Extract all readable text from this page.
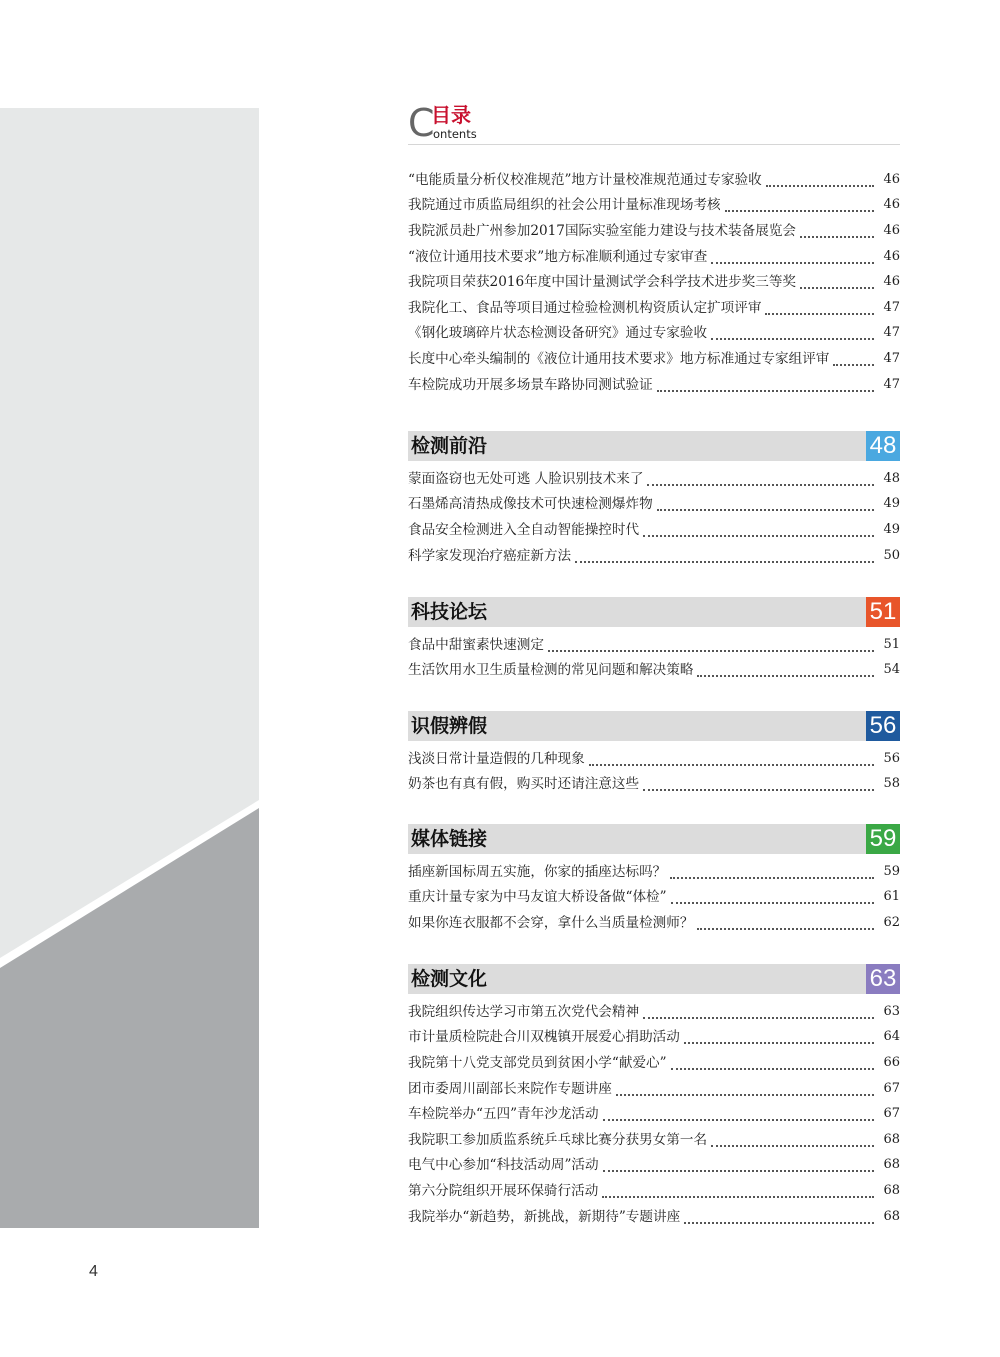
C
目录
ontents
“电能质量分析仪校准规范”地方计量校准规范通过专家验收	46
我院通过市质监局组织的社会公用计量标准现场考核	46
我院派员赴广州参加2017国际实验室能力建设与技术装备展览会	46
“液位计通用技术要求”地方标准顺利通过专家审查	46
我院项目荣获2016年度中国计量测试学会科学技术进步奖三等奖	46
我院化工、食品等项目通过检验检测机构资质认定扩项评审	47
《钢化玻璃碎片状态检测设备研究》通过专家验收	47
长度中心牵头编制的《液位计通用技术要求》地方标准通过专家组评审	47
车检院成功开展多场景车路协同测试验证	47
检测前沿	48
蒙面盗窃也无处可逃 人脸识别技术来了	48
石墨烯高清热成像技术可快速检测爆炸物	49
食品安全检测进入全自动智能操控时代	49
科学家发现治疗癌症新方法	50
科技论坛	51
食品中甜蜜素快速测定	51
生活饮用水卫生质量检测的常见问题和解决策略	54
识假辨假	56
浅淡日常计量造假的几种现象	56
奶茶也有真有假，购买时还请注意这些	58
媒体链接	59
插座新国标周五实施，你家的插座达标吗？	59
重庆计量专家为中马友谊大桥设备做“体检”	61
如果你连衣服都不会穿，拿什么当质量检测师？	62
检测文化	63
我院组织传达学习市第五次党代会精神	63
市计量质检院赴合川双槐镇开展爱心捐助活动	64
我院第十八党支部党员到贫困小学“献爱心”	66
团市委周川副部长来院作专题讲座	67
车检院举办“五四”青年沙龙活动	67
我院职工参加质监系统乒乓球比赛分获男女第一名	68
电气中心参加“科技活动周”活动	68
第六分院组织开展环保骑行活动	68
我院举办“新趋势，新挑战，新期待”专题讲座	68
4
